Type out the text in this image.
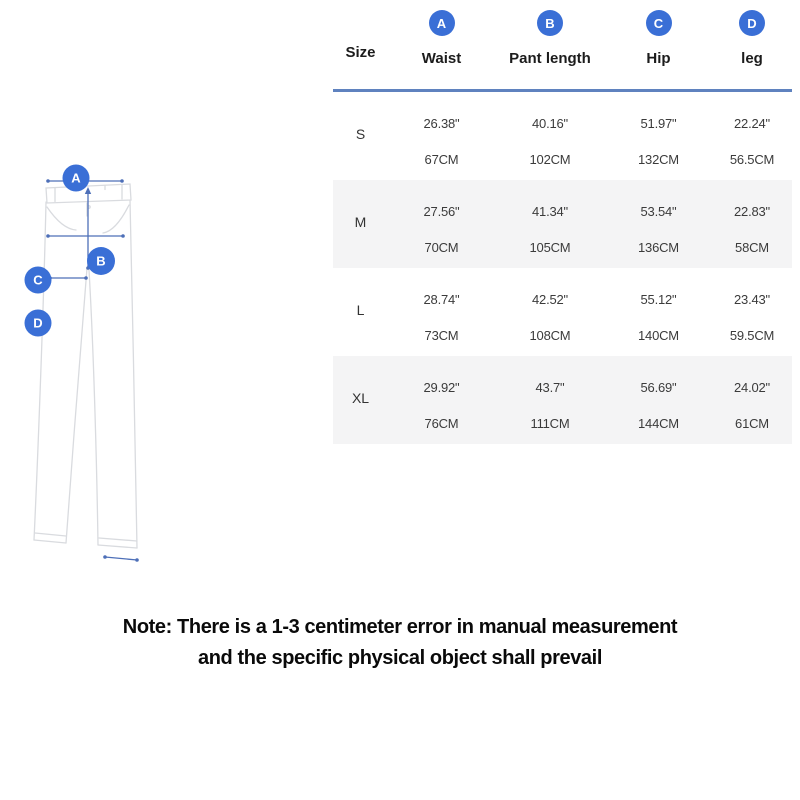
A
B
C
D
Size
A
Waist
B
Pant length
C
Hip
D
leg
S
26.38"
67CM
40.16"
102CM
51.97"
132CM
22.24"
56.5CM
M
27.56"
70CM
41.34"
105CM
53.54"
136CM
22.83"
58CM
L
28.74"
73CM
42.52"
108CM
55.12"
140CM
23.43"
59.5CM
XL
29.92"
76CM
43.7"
111CM
56.69"
144CM
24.02"
61CM
Note: There is a 1-3 centimeter error in manual measurement
and the specific physical object shall prevail
